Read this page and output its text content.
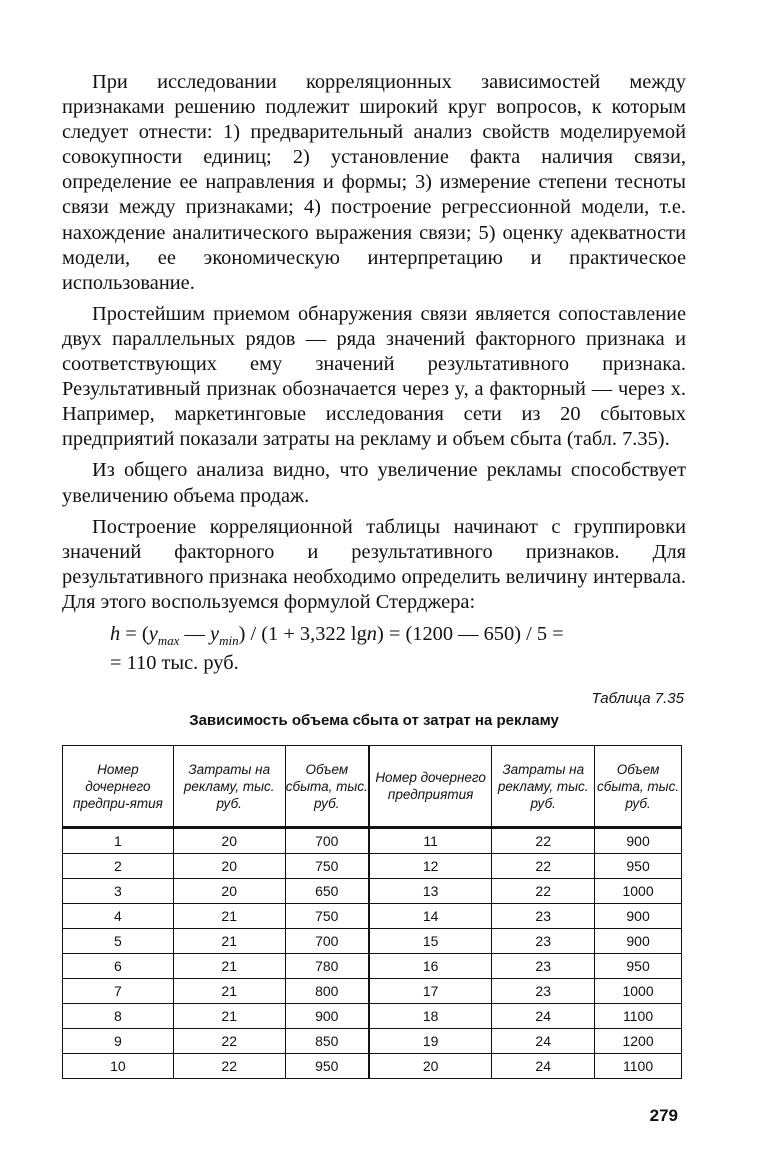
При исследовании корреляционных зависимостей между признаками решению подлежит широкий круг вопросов, к которым следует отнести: 1) предварительный анализ свойств моделируемой совокупности единиц; 2) установление факта наличия связи, определение ее направления и формы; 3) измерение степени тесноты связи между признаками; 4) построение регрессионной модели, т.е. нахождение аналитического выражения связи; 5) оценку адекватности модели, ее экономическую интерпретацию и практическое использование.

Простейшим приемом обнаружения связи является сопоставление двух параллельных рядов — ряда значений факторного признака и соответствующих ему значений результативного признака. Результативный признак обозначается через y, а факторный — через x. Например, маркетинговые исследования сети из 20 сбытовых предприятий показали затраты на рекламу и объем сбыта (табл. 7.35).

Из общего анализа видно, что увеличение рекламы способствует увеличению объема продаж.

Построение корреляционной таблицы начинают с группировки значений факторного и результативного признаков. Для результативного признака необходимо определить величину интервала. Для этого воспользуемся формулой Стерджера:

$h = (y_{max}$ — $y_{min}) / (1 + 3,322$ lgn) = (1200 — 650) / 5 =
= 110 тыс. руб.
Таблица 7.35
Зависимость объема сбыта от затрат на рекламу
Номер дочернего предпри-ятия	Затраты на рекламу, тыс. руб.	Объем сбыта, тыс. руб.	Номер дочернего предприятия	Затраты на рекламу, тыс. руб.	Объем сбыта, тыс. руб.
1	20	700	11	22	900
2	20	750	12	22	950
3	20	650	13	22	1000
4	21	750	14	23	900
5	21	700	15	23	900
6	21	780	16	23	950
7	21	800	17	23	1000
8	21	900	18	24	1100
9	22	850	19	24	1200
10	22	950	20	24	1100
279
